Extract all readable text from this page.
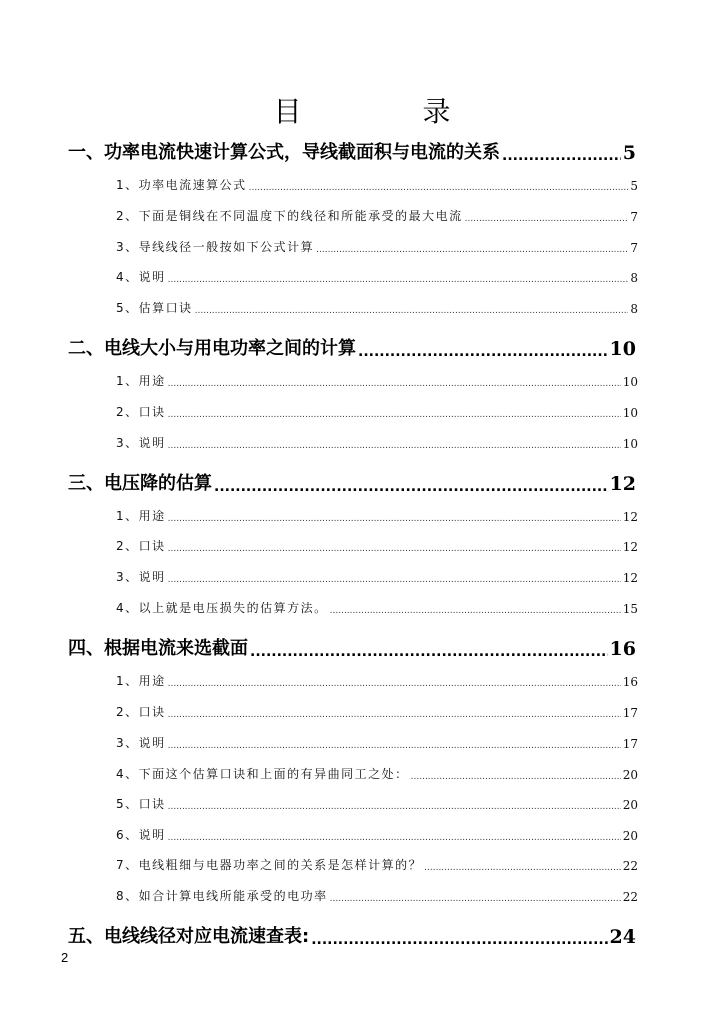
目 录
一、功率电流快速计算公式，导线截面积与电流的关系 .....	5
1、功率电流速算公式 .....	5
2、下面是铜线在不同温度下的线径和所能承受的最大电流 .....	7
3、导线线径一般按如下公式计算 .....	7
4、说明 .....	8
5、估算口诀 .....	8
二、电线大小与用电功率之间的计算 .....	10
1、用途 .....	10
2、口诀 .....	10
3、说明 .....	10
三、电压降的估算 .....	12
1、用途 .....	12
2、口诀 .....	12
3、说明 .....	12
4、以上就是电压损失的估算方法。 .....	15
四、根据电流来选截面 .....	16
1、用途 .....	16
2、口诀 .....	17
3、说明 .....	17
4、下面这个估算口诀和上面的有异曲同工之处： .....	20
5、口诀 .....	20
6、说明 .....	20
7、电线粗细与电器功率之间的关系是怎样计算的？ .....	22
8、如合计算电线所能承受的电功率 .....	22
五、电线线径对应电流速查表: .....	24
2
